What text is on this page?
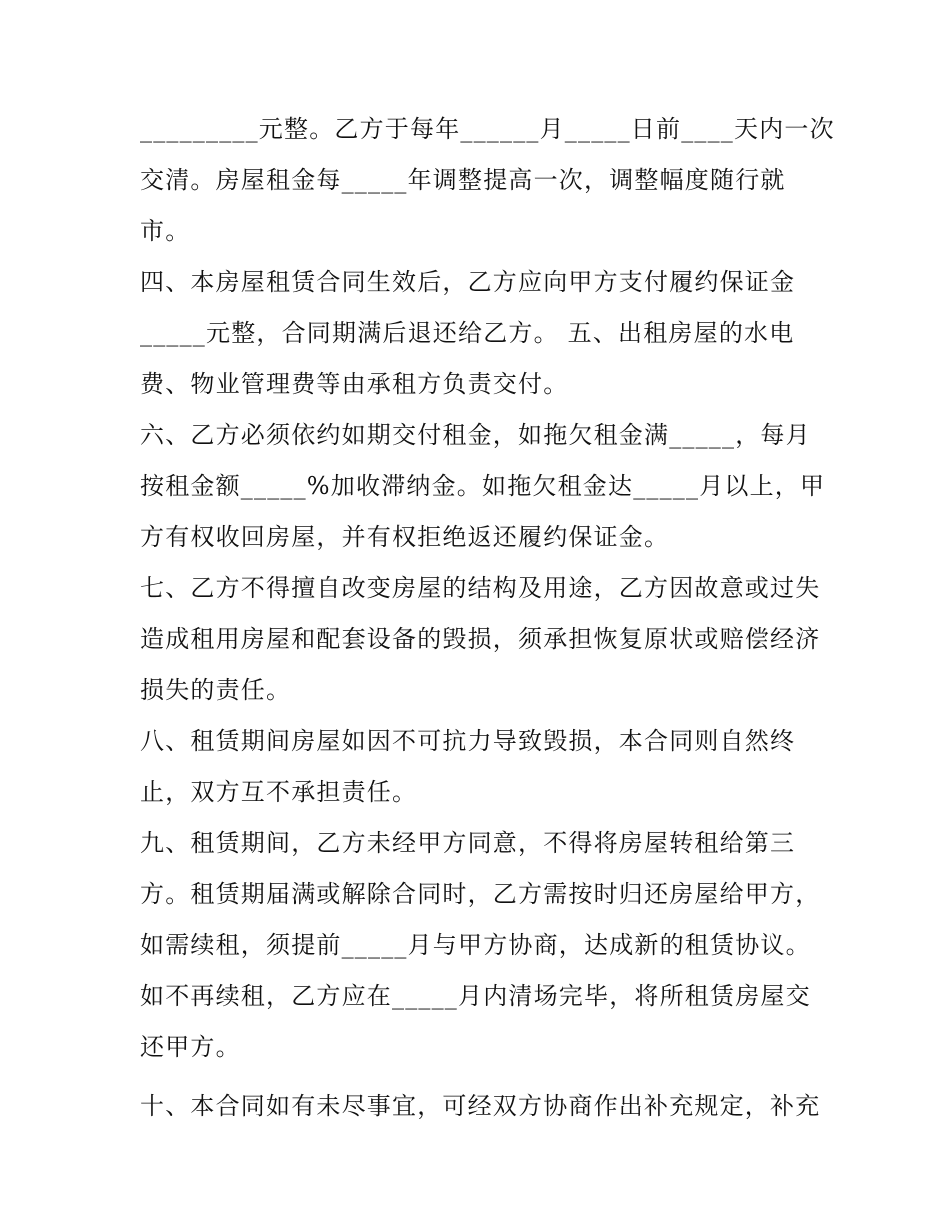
_________元整。乙方于每年______月_____日前____天内一次
交清。房屋租金每_____年调整提高一次，调整幅度随行就
市。
四、本房屋租赁合同生效后，乙方应向甲方支付履约保证金
_____元整，合同期满后退还给乙方。 五、出租房屋的水电
费、物业管理费等由承租方负责交付。
六、乙方必须依约如期交付租金，如拖欠租金满_____，每月
按租金额_____%加收滞纳金。如拖欠租金达_____月以上，甲
方有权收回房屋，并有权拒绝返还履约保证金。
七、乙方不得擅自改变房屋的结构及用途，乙方因故意或过失
造成租用房屋和配套设备的毁损，须承担恢复原状或赔偿经济
损失的责任。
八、租赁期间房屋如因不可抗力导致毁损，本合同则自然终
止，双方互不承担责任。
九、租赁期间，乙方未经甲方同意，不得将房屋转租给第三
方。租赁期届满或解除合同时，乙方需按时归还房屋给甲方，
如需续租，须提前_____月与甲方协商，达成新的租赁协议。
如不再续租，乙方应在_____月内清场完毕，将所租赁房屋交
还甲方。
十、本合同如有未尽事宜，可经双方协商作出补充规定，补充
